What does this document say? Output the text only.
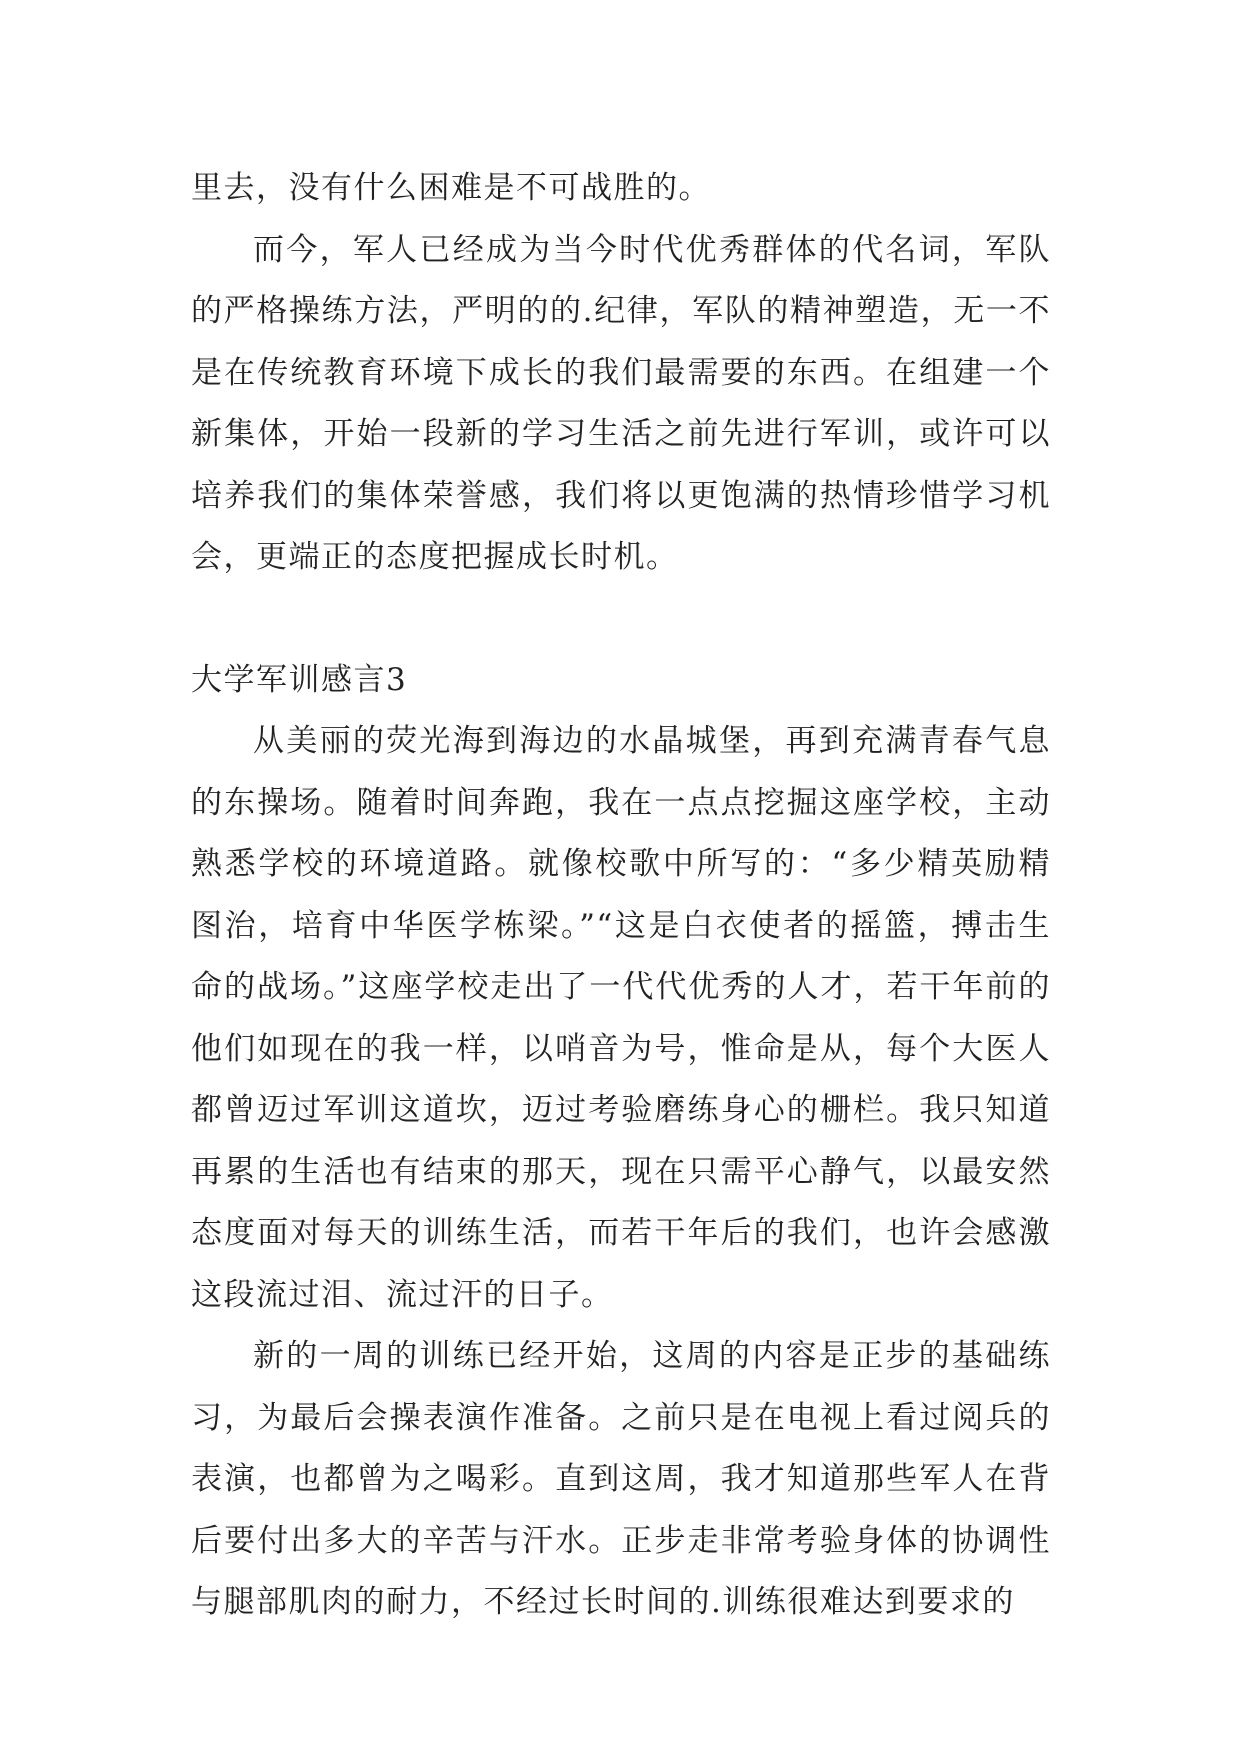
里去，没有什么困难是不可战胜的。

而今，军人已经成为当今时代优秀群体的代名词，军队的严格操练方法，严明的的.纪律，军队的精神塑造，无一不是在传统教育环境下成长的我们最需要的东西。在组建一个新集体，开始一段新的学习生活之前先进行军训，或许可以培养我们的集体荣誉感，我们将以更饱满的热情珍惜学习机会，更端正的态度把握成长时机。

大学军训感言3

从美丽的荧光海到海边的水晶城堡，再到充满青春气息的东操场。随着时间奔跑，我在一点点挖掘这座学校，主动熟悉学校的环境道路。就像校歌中所写的：“多少精英励精图治，培育中华医学栋梁。”“这是白衣使者的摇篮，搏击生命的战场。”这座学校走出了一代代优秀的人才，若干年前的他们如现在的我一样，以哨音为号，惟命是从，每个大医人都曾迈过军训这道坎，迈过考验磨练身心的栅栏。我只知道再累的生活也有结束的那天，现在只需平心静气，以最安然态度面对每天的训练生活，而若干年后的我们，也许会感激这段流过泪、流过汗的日子。

新的一周的训练已经开始，这周的内容是正步的基础练习，为最后会操表演作准备。之前只是在电视上看过阅兵的表演，也都曾为之喝彩。直到这周，我才知道那些军人在背后要付出多大的辛苦与汗水。正步走非常考验身体的协调性与腿部肌肉的耐力，不经过长时间的.训练很难达到要求的
